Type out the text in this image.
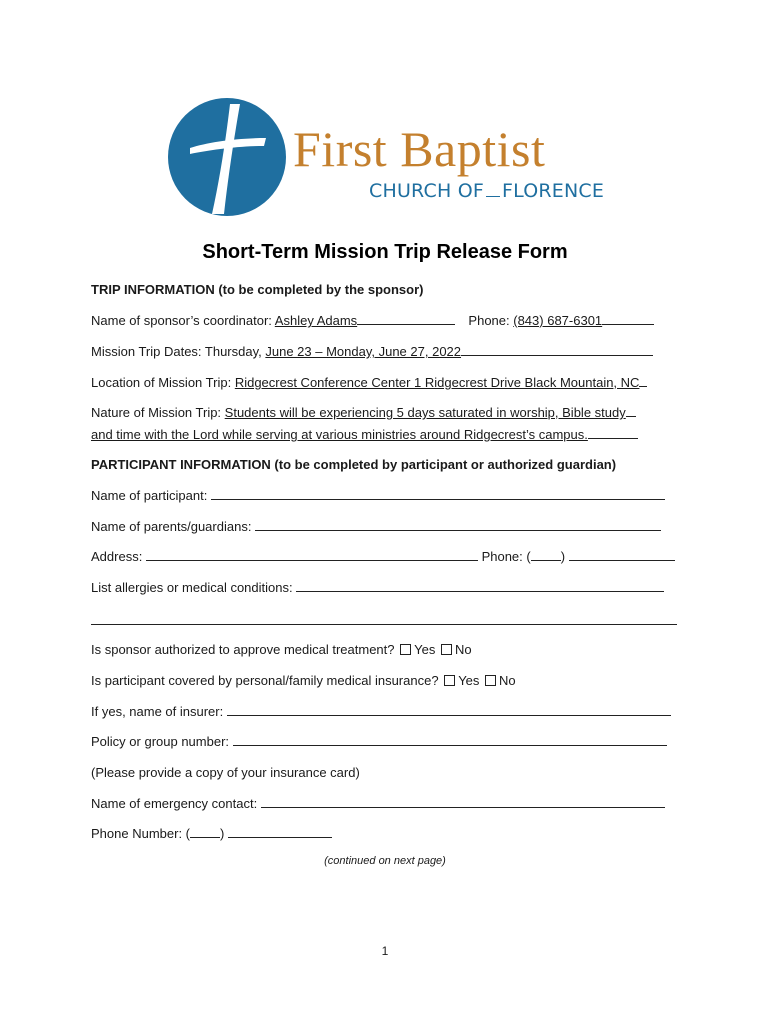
First Baptist
CHURCH OF FLORENCE
Short-Term Mission Trip Release Form
TRIP INFORMATION (to be completed by the sponsor)
Name of sponsor’s coordinator: Ashley Adams	Phone: (843) 687-6301
Mission Trip Dates: Thursday, June 23 – Monday, June 27, 2022
Location of Mission Trip: Ridgecrest Conference Center 1 Ridgecrest Drive Black Mountain, NC
Nature of Mission Trip: Students will be experiencing 5 days saturated in worship, Bible study
and time with the Lord while serving at various ministries around Ridgecrest’s campus.
PARTICIPANT INFORMATION (to be completed by participant or authorized guardian)
Name of participant:
Name of parents/guardians:
Address:	Phone: ( )
List allergies or medical conditions:
Is sponsor authorized to approve medical treatment? Yes No
Is participant covered by personal/family medical insurance? Yes No
If yes, name of insurer:
Policy or group number:
(Please provide a copy of your insurance card)
Name of emergency contact:
Phone Number: ( )
(continued on next page)
1
